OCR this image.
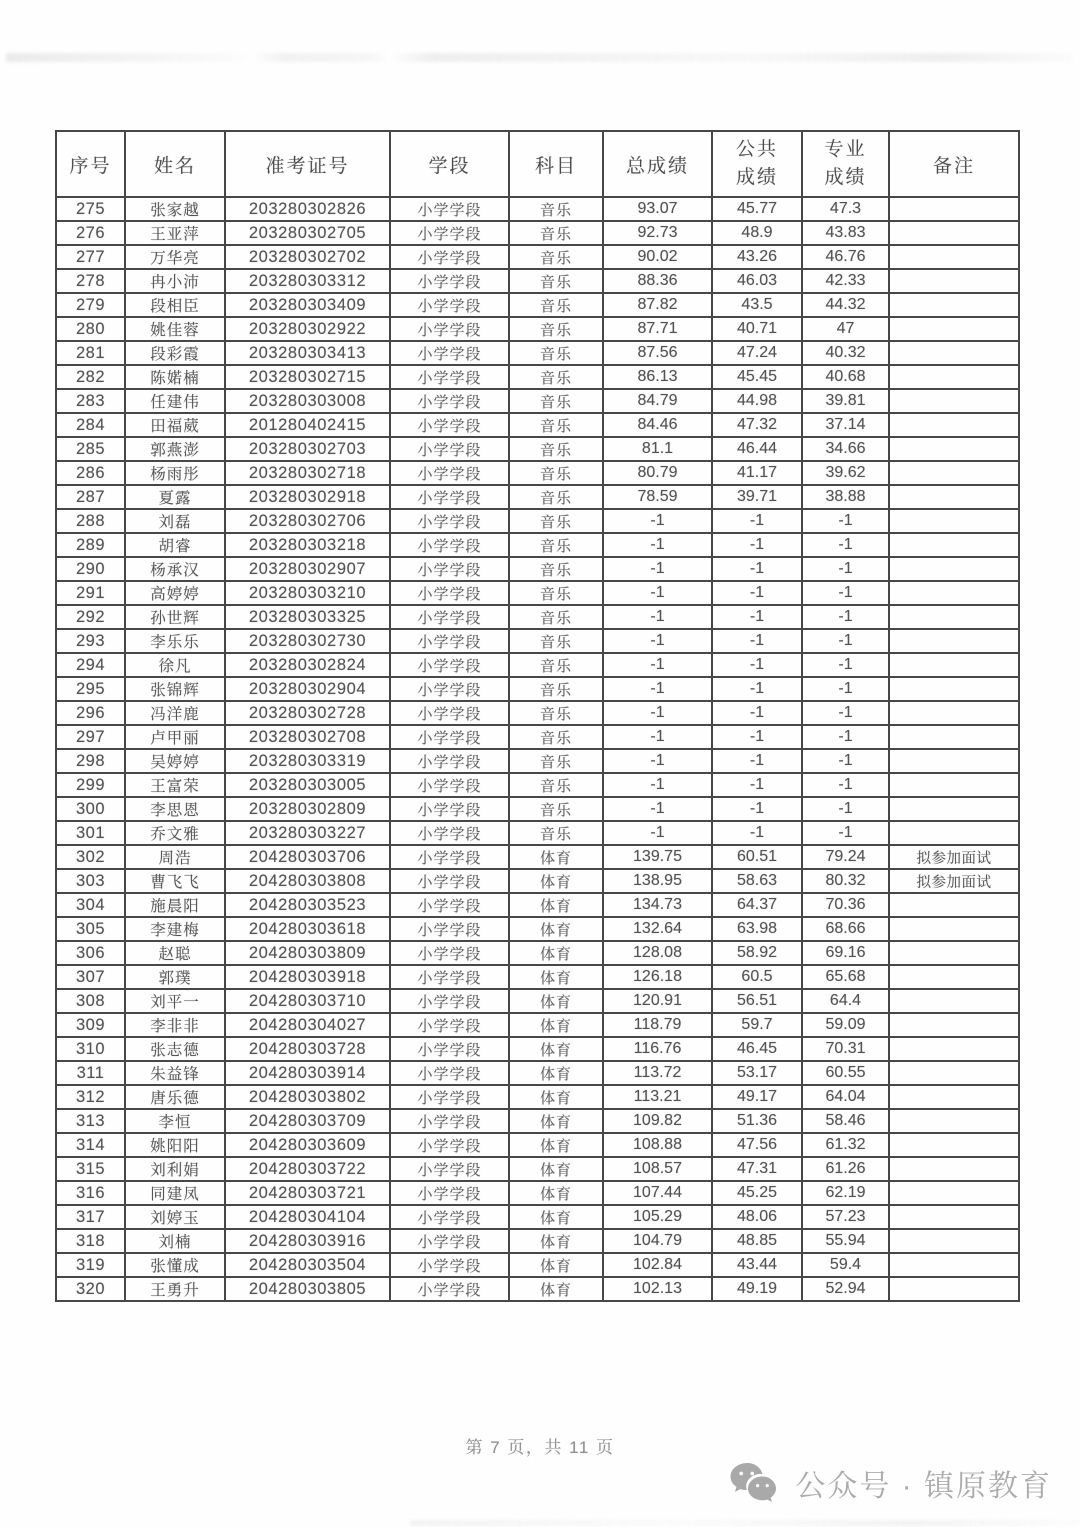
序号	姓名	准考证号	学段	科目	总成绩	公共成绩	专业成绩	备注
275	张家越	203280302826	小学学段	音乐	93.07	45.77	47.3	
276	王亚萍	203280302705	小学学段	音乐	92.73	48.9	43.83	
277	万华亮	203280302702	小学学段	音乐	90.02	43.26	46.76	
278	冉小沛	203280303312	小学学段	音乐	88.36	46.03	42.33	
279	段相臣	203280303409	小学学段	音乐	87.82	43.5	44.32	
280	姚佳蓉	203280302922	小学学段	音乐	87.71	40.71	47	
281	段彩霞	203280303413	小学学段	音乐	87.56	47.24	40.32	
282	陈婼楠	203280302715	小学学段	音乐	86.13	45.45	40.68	
283	任建伟	203280303008	小学学段	音乐	84.79	44.98	39.81	
284	田福葳	201280402415	小学学段	音乐	84.46	47.32	37.14	
285	郭燕澎	203280302703	小学学段	音乐	81.1	46.44	34.66	
286	杨雨彤	203280302718	小学学段	音乐	80.79	41.17	39.62	
287	夏露	203280302918	小学学段	音乐	78.59	39.71	38.88	
288	刘磊	203280302706	小学学段	音乐	-1	-1	-1	
289	胡睿	203280303218	小学学段	音乐	-1	-1	-1	
290	杨承汉	203280302907	小学学段	音乐	-1	-1	-1	
291	高婷婷	203280303210	小学学段	音乐	-1	-1	-1	
292	孙世辉	203280303325	小学学段	音乐	-1	-1	-1	
293	李乐乐	203280302730	小学学段	音乐	-1	-1	-1	
294	徐凡	203280302824	小学学段	音乐	-1	-1	-1	
295	张锦辉	203280302904	小学学段	音乐	-1	-1	-1	
296	冯洋鹿	203280302728	小学学段	音乐	-1	-1	-1	
297	卢甲丽	203280302708	小学学段	音乐	-1	-1	-1	
298	吴婷婷	203280303319	小学学段	音乐	-1	-1	-1	
299	王富荣	203280303005	小学学段	音乐	-1	-1	-1	
300	李思恩	203280302809	小学学段	音乐	-1	-1	-1	
301	乔文雅	203280303227	小学学段	音乐	-1	-1	-1	
302	周浩	204280303706	小学学段	体育	139.75	60.51	79.24	拟参加面试
303	曹飞飞	204280303808	小学学段	体育	138.95	58.63	80.32	拟参加面试
304	施晨阳	204280303523	小学学段	体育	134.73	64.37	70.36	
305	李建梅	204280303618	小学学段	体育	132.64	63.98	68.66	
306	赵聪	204280303809	小学学段	体育	128.08	58.92	69.16	
307	郭璞	204280303918	小学学段	体育	126.18	60.5	65.68	
308	刘平一	204280303710	小学学段	体育	120.91	56.51	64.4	
309	李非非	204280304027	小学学段	体育	118.79	59.7	59.09	
310	张志德	204280303728	小学学段	体育	116.76	46.45	70.31	
311	朱益锋	204280303914	小学学段	体育	113.72	53.17	60.55	
312	唐乐德	204280303802	小学学段	体育	113.21	49.17	64.04	
313	李恒	204280303709	小学学段	体育	109.82	51.36	58.46	
314	姚阳阳	204280303609	小学学段	体育	108.88	47.56	61.32	
315	刘利娟	204280303722	小学学段	体育	108.57	47.31	61.26	
316	同建凤	204280303721	小学学段	体育	107.44	45.25	62.19	
317	刘婷玉	204280304104	小学学段	体育	105.29	48.06	57.23	
318	刘楠	204280303916	小学学段	体育	104.79	48.85	55.94	
319	张懂成	204280303504	小学学段	体育	102.84	43.44	59.4	
320	王勇升	204280303805	小学学段	体育	102.13	49.19	52.94	
第 7 页，共 11 页
公众号 · 镇原教育
